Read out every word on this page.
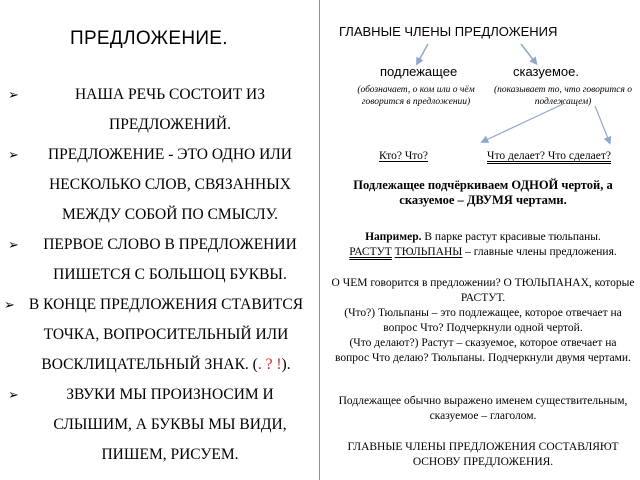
ПРЕДЛОЖЕНИЕ.
➢	НАША РЕЧЬ СОСТОИТ ИЗ ПРЕДЛОЖЕНИЙ.
➢ ПРЕДЛОЖЕНИЕ - ЭТО ОДНО ИЛИ НЕСКОЛЬКО СЛОВ, СВЯЗАННЫХ МЕЖДУ СОБОЙ ПО СМЫСЛУ.
➢ ПЕРВОЕ СЛОВО В ПРЕДЛОЖЕНИИ ПИШЕТСЯ С БОЛЬШОЦ БУКВЫ.
➢ В КОНЦЕ ПРЕДЛОЖЕНИЯ СТАВИТСЯ ТОЧКА, ВОПРОСИТЕЛЬНЫЙ ИЛИ ВОСКЛИЦАТЕЛЬНЫЙ ЗНАК. (. ? !).
➢	ЗВУКИ МЫ ПРОИЗНОСИМ И СЛЫШИМ, А БУКВЫ МЫ ВИДИ, ПИШЕМ, РИСУЕМ.
ГЛАВНЫЕ ЧЛЕНЫ ПРЕДЛОЖЕНИЯ
подлежащее	сказуемое.
(обозначает, о ком или о чём говорится в предложении)
(показывает то, что говорится о подлежащем)
Кто? Что?	Что делает? Что сделает?
Подлежащее подчёркиваем ОДНОЙ чертой, а сказуемое – ДВУМЯ чертами.
Например. В парке растут красивые тюльпаны.
РАСТУТ ТЮЛЬПАНЫ – главные члены предложения.
О ЧЕМ говорится в предложении? О ТЮЛЬПАНАХ, которые РАСТУТ.
(Что?) Тюльпаны – это подлежащее, которое отвечает на вопрос Что? Подчеркнули одной чертой.
(Что делают?) Растут – сказуемое, которое отвечает на вопрос Что делаю? Тюльпаны. Подчеркнули двумя чертами.
Подлежащее обычно выражено именем существительным, сказуемое – глаголом.
ГЛАВНЫЕ ЧЛЕНЫ ПРЕДЛОЖЕНИЯ СОСТАВЛЯЮТ ОСНОВУ ПРЕДЛОЖЕНИЯ.
